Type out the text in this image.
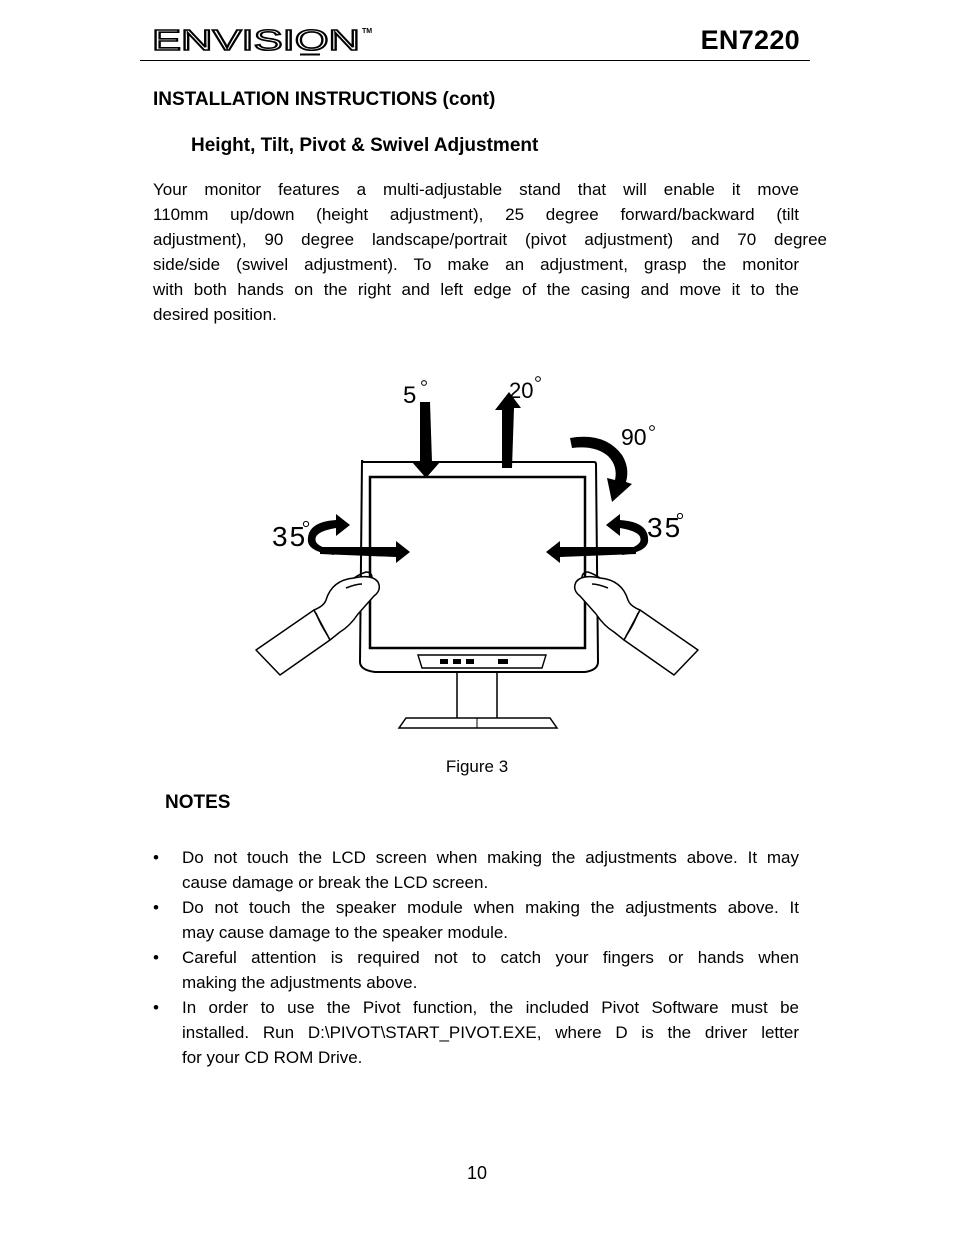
ENVISION TM	EN7220
INSTALLATION INSTRUCTIONS (cont)
Height, Tilt, Pivot & Swivel Adjustment
Your monitor features a multi-adjustable stand that will enable it move
110mm up/down (height adjustment), 25 degree forward/backward (tilt
adjustment), 90 degree landscape/portrait (pivot adjustment) and 70 degree
side/side (swivel adjustment). To make an adjustment, grasp the monitor
with both hands on the right and left edge of the casing and move it to the
desired position.
5	20
90
35	35
Figure 3
NOTES
• Do not touch the LCD screen when making the adjustments above. It may
cause damage or break the LCD screen.
• Do not touch the speaker module when making the adjustments above. It
may cause damage to the speaker module.
• Careful attention is required not to catch your fingers or hands when
making the adjustments above.
• In order to use the Pivot function, the included Pivot Software must be
installed. Run D:\PIVOT\START_PIVOT.EXE, where D is the driver letter
for your CD ROM Drive.
10
